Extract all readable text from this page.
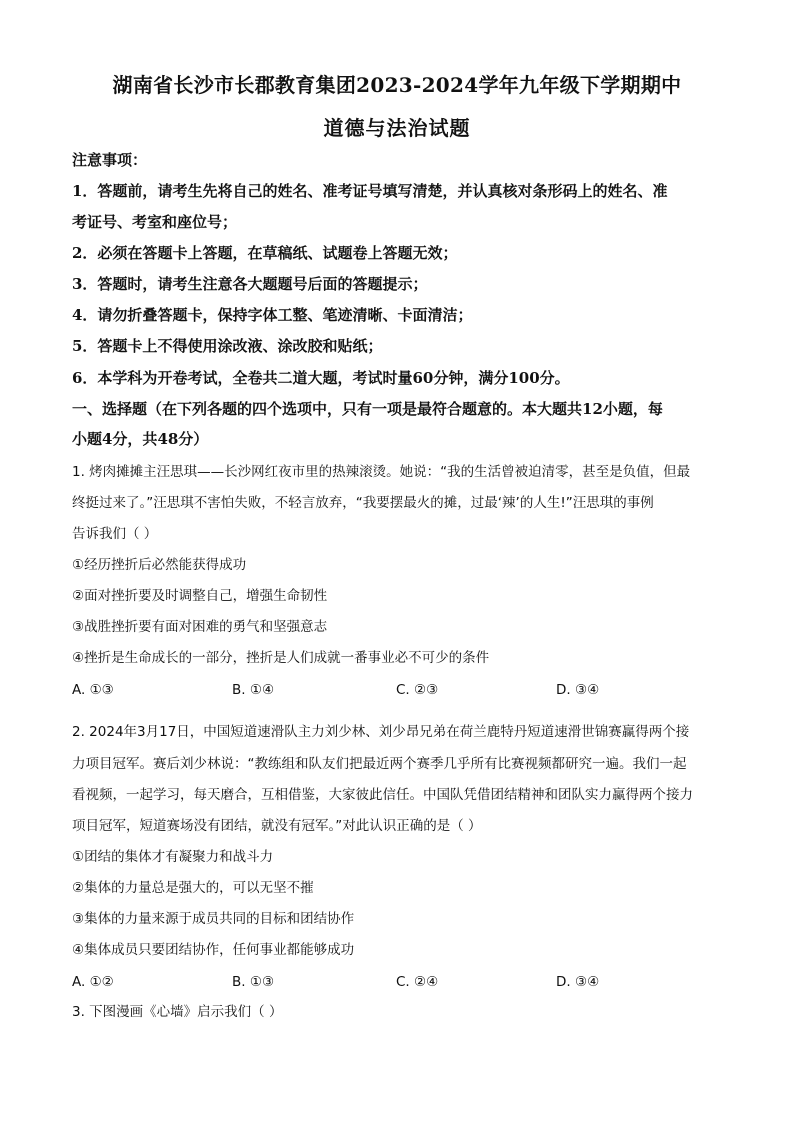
湖南省长沙市长郡教育集团2023-2024学年九年级下学期期中
道德与法治试题
注意事项：
1．答题前，请考生先将自己的姓名、准考证号填写清楚，并认真核对条形码上的姓名、准
考证号、考室和座位号；
2．必须在答题卡上答题，在草稿纸、试题卷上答题无效；
3．答题时，请考生注意各大题题号后面的答题提示；
4．请勿折叠答题卡，保持字体工整、笔迹清晰、卡面清洁；
5．答题卡上不得使用涂改液、涂改胶和贴纸；
6．本学科为开卷考试，全卷共二道大题，考试时量60分钟，满分100分。
一、选择题（在下列各题的四个选项中，只有一项是最符合题意的。本大题共12小题，每
小题4分，共48分）
1. 烤肉摊摊主汪思琪——长沙网红夜市里的热辣滚烫。她说：“我的生活曾被迫清零，甚至是负值，但最
终挺过来了。”汪思琪不害怕失败，不轻言放弃，“我要摆最火的摊，过最‘辣’的人生!”汪思琪的事例
告诉我们（ ）
①经历挫折后必然能获得成功
②面对挫折要及时调整自己，增强生命韧性
③战胜挫折要有面对困难的勇气和坚强意志
④挫折是生命成长的一部分，挫折是人们成就一番事业必不可少的条件
A. ①③	B. ①④	C. ②③	D. ③④
2. 2024年3月17日，中国短道速滑队主力刘少林、刘少昂兄弟在荷兰鹿特丹短道速滑世锦赛赢得两个接
力项目冠军。赛后刘少林说：“教练组和队友们把最近两个赛季几乎所有比赛视频都研究一遍。我们一起
看视频，一起学习，每天磨合，互相借鉴，大家彼此信任。中国队凭借团结精神和团队实力赢得两个接力
项目冠军，短道赛场没有团结，就没有冠军。”对此认识正确的是（ ）
①团结的集体才有凝聚力和战斗力
②集体的力量总是强大的，可以无坚不摧
③集体的力量来源于成员共同的目标和团结协作
④集体成员只要团结协作，任何事业都能够成功
A. ①②	B. ①③	C. ②④	D. ③④
3. 下图漫画《心墙》启示我们（ ）
